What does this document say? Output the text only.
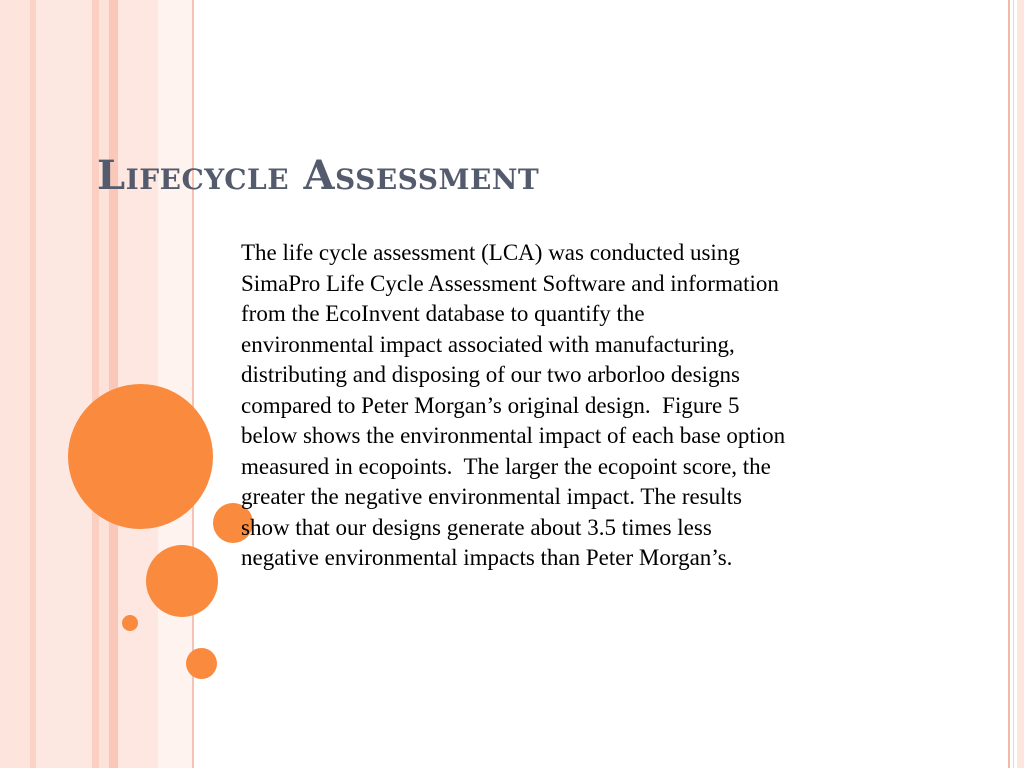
Lifecycle Assessment

The life cycle assessment (LCA) was conducted using
SimaPro Life Cycle Assessment Software and information
from the EcoInvent database to quantify the
environmental impact associated with manufacturing,
distributing and disposing of our two arborloo designs
compared to Peter Morgan’s original design.  Figure 5
below shows the environmental impact of each base option
measured in ecopoints.  The larger the ecopoint score, the
greater the negative environmental impact. The results
show that our designs generate about 3.5 times less
negative environmental impacts than Peter Morgan’s.
